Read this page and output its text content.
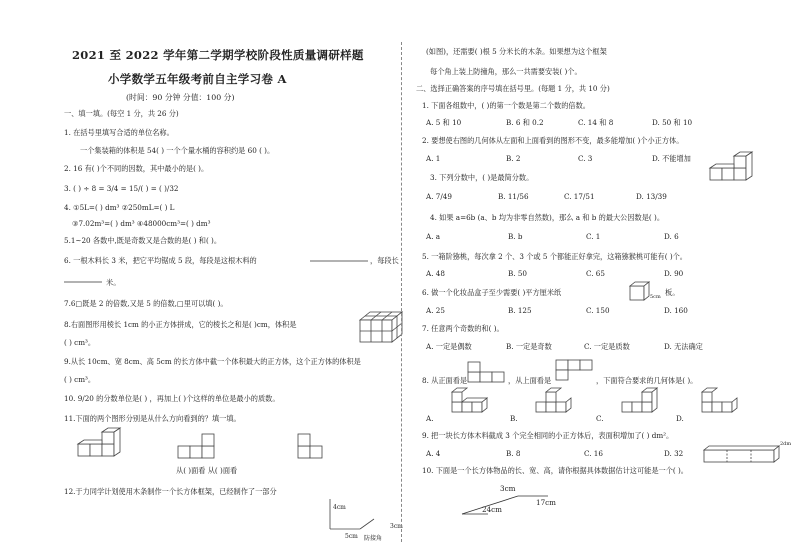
2021 至 2022 学年第二学期学校阶段性质量调研样题
小学数学五年级考前自主学习卷 A
(时间：90 分钟 分值：100 分)
一、填一填。(每空 1 分，共 26 分)
1. 在括号里填写合适的单位名称。
一个集装箱的体积是 54( ) 一个个量水桶的容积约是 60 ( )。
2. 16 有( )个不同的因数，其中最小的是( )。
3. ( ) ÷ 8 = 3/4 = 15/( ) = ( )/32
4. ①5L=( ) dm³ ②250mL=( ) L
③7.02m³=( ) dm³ ④48000cm³=( ) dm³
5.1~20 各数中,既是奇数又是合数的是( ) 和( )。
6. 一根木料长 3 米，把它平均锯成 5 段，每段是这根木料的	，每段长
米。
7.6□既是 2 的倍数,又是 5 的倍数,□里可以填( )。
8.右面图形用棱长 1cm 的小正方体拼成，它的棱长之和是( )cm，体积是
( ) cm³。
9.从长 10cm、宽 8cm、高 5cm 的长方体中截一个体积最大的正方体，这个正方体的体积是
( ) cm³。
10. 9/20 的分数单位是( ) ，再加上( )个这样的单位是最小的质数。
11.下面的两个图形分别是从什么方向看到的？填一填。
从( )面看 从( )面看
12.于力同学计划使用木条制作一个长方体框架，已经制作了一部分
4cm
5cm
3cm
防接角
(如图)，还需要( )根 5 分米长的木条。如果想为这个框架
每个角上装上防撞角，那么一共需要安装( )个。
二、选择正确答案的序号填在括号里。(每题 1 分，共 10 分)
1. 下面各组数中，( )的第一个数是第二个数的倍数。
A. 5 和 10	B. 6 和 0.2	C. 14 和 8	D. 50 和 10
2. 要想使右图的几何体从左面和上面看到的图形不变，最多能增加( )个小正方体。
A. 1	B. 2	C. 3	D. 不能增加
3. 下列分数中，( )是最简分数。
A. 7/49	B. 11/56	C. 17/51	D. 13/39
4. 如果 a=6b (a、b 均为非零自然数)，那么 a 和 b 的最大公因数是( )。
A. a	B. b	C. 1	D. 6
5. 一箱阶猕桃，每次拿 2 个、3 个或 5 个都能正好拿完，这箱猕猴桃可能有( )个。
A. 48	B. 50	C. 65	D. 90
6. 做一个化妆品盒子至少需要( )平方厘米纸	5cm 板。
A. 25	B. 125	C. 150	D. 160
7. 任意两个奇数的和( )。
A. 一定是偶数	B. 一定是奇数	C. 一定是质数	D. 无法确定
8. 从正面看是	，从上面看是	，下面符合要求的几何体是( )。
A.	B.	C.	D.
9. 把一块长方体木料截成 3 个完全相同的小正方体后，表面积增加了( ) dm²。
A. 4	B. 8	C. 16	D. 32
2dm
10. 下面是一个长方体物品的长、宽、高，请你根据具体数据估计这可能是一个( )。
3cm
17cm
24cm
